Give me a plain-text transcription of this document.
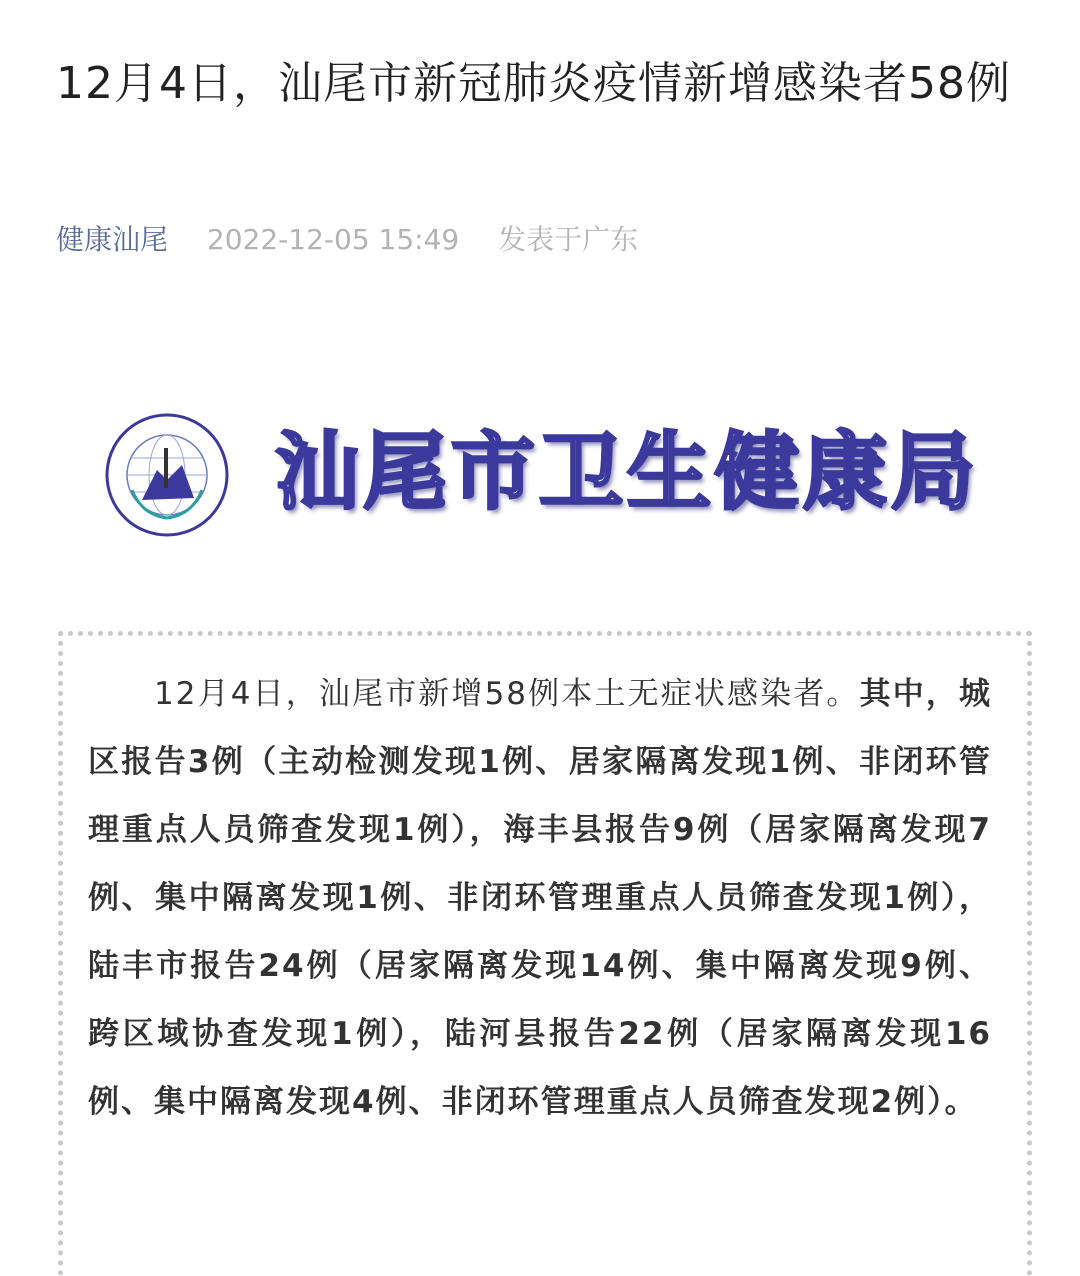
12月4日，汕尾市新冠肺炎疫情新增感染者58例
健康汕尾 2022-12-05 15:49 发表于广东
汕尾市卫生健康局

12月4日，汕尾市新增58例本土无症状感染者。其中，城区报告3例（主动检测发现1例、居家隔离发现1例、非闭环管理重点人员筛查发现1例），海丰县报告9例（居家隔离发现7例、集中隔离发现1例、非闭环管理重点人员筛查发现1例），陆丰市报告24例（居家隔离发现14例、集中隔离发现9例、跨区域协查发现1例），陆河县报告22例（居家隔离发现16例、集中隔离发现4例、非闭环管理重点人员筛查发现2例）。
